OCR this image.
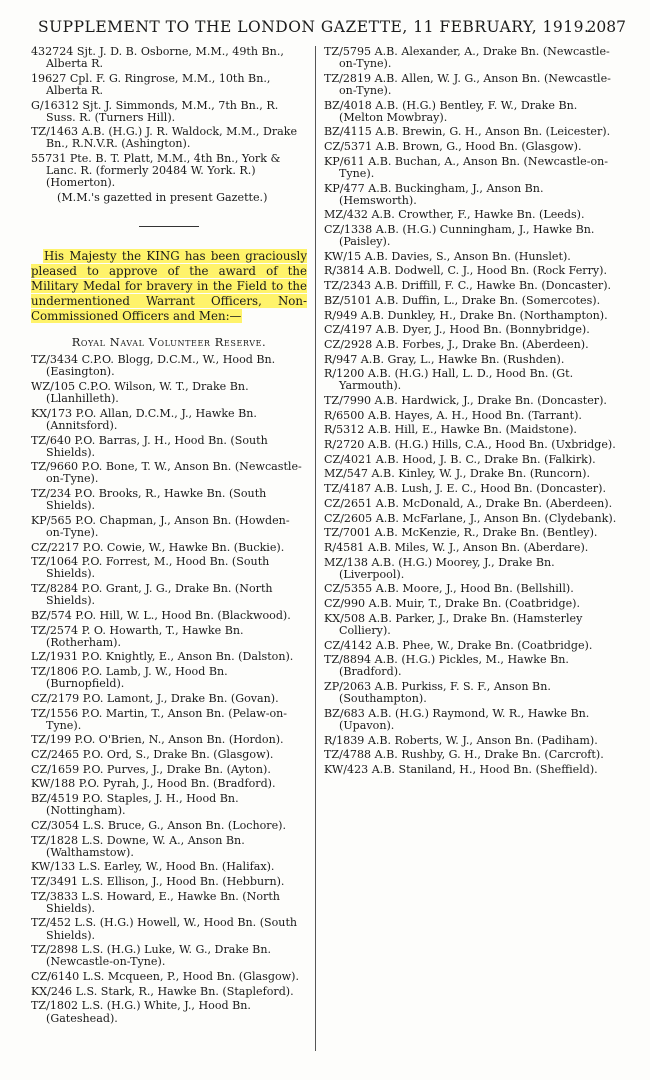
SUPPLEMENT TO THE LONDON GAZETTE, 11 FEBRUARY, 1919.
2087
432724 Sjt. J. D. B. Osborne, M.M., 49th Bn., Alberta R.
19627 Cpl. F. G. Ringrose, M.M., 10th Bn., Alberta R.
G/16312 Sjt. J. Simmonds, M.M., 7th Bn., R. Suss. R. (Turners Hill).
TZ/1463 A.B. (H.G.) J. R. Waldock, M.M., Drake Bn., R.N.V.R. (Ashington).
55731 Pte. B. T. Platt, M.M., 4th Bn., York & Lanc. R. (formerly 20484 W. York. R.) (Homerton).
(M.M.'s gazetted in present Gazette.)
His Majesty the KING has been graciously pleased to approve of the award of the Military Medal for bravery in the Field to the undermentioned Warrant Officers, Non-Commissioned Officers and Men:—
Royal Naval Volunteer Reserve.
TZ/3434 C.P.O. Blogg, D.C.M., W., Hood Bn. (Easington).
WZ/105 C.P.O. Wilson, W. T., Drake Bn. (Llanhilleth).
KX/173 P.O. Allan, D.C.M., J., Hawke Bn. (Annitsford).
TZ/640 P.O. Barras, J. H., Hood Bn. (South Shields).
TZ/9660 P.O. Bone, T. W., Anson Bn. (Newcastle-on-Tyne).
TZ/234 P.O. Brooks, R., Hawke Bn. (South Shields).
KP/565 P.O. Chapman, J., Anson Bn. (Howden-on-Tyne).
CZ/2217 P.O. Cowie, W., Hawke Bn. (Buckie).
TZ/1064 P.O. Forrest, M., Hood Bn. (South Shields).
TZ/8284 P.O. Grant, J. G., Drake Bn. (North Shields).
BZ/574 P.O. Hill, W. L., Hood Bn. (Blackwood).
TZ/2574 P. O. Howarth, T., Hawke Bn. (Rotherham).
LZ/1931 P.O. Knightly, E., Anson Bn. (Dalston).
TZ/1806 P.O. Lamb, J. W., Hood Bn. (Burnopfield).
CZ/2179 P.O. Lamont, J., Drake Bn. (Govan).
TZ/1556 P.O. Martin, T., Anson Bn. (Pelaw-on-Tyne).
TZ/199 P.O. O'Brien, N., Anson Bn. (Hordon).
CZ/2465 P.O. Ord, S., Drake Bn. (Glasgow).
CZ/1659 P.O. Purves, J., Drake Bn. (Ayton).
KW/188 P.O. Pyrah, J., Hood Bn. (Bradford).
BZ/4519 P.O. Staples, J. H., Hood Bn. (Nottingham).
CZ/3054 L.S. Bruce, G., Anson Bn. (Lochore).
TZ/1828 L.S. Downe, W. A., Anson Bn. (Walthamstow).
KW/133 L.S. Earley, W., Hood Bn. (Halifax).
TZ/3491 L.S. Ellison, J., Hood Bn. (Hebburn).
TZ/3833 L.S. Howard, E., Hawke Bn. (North Shields).
TZ/452 L.S. (H.G.) Howell, W., Hood Bn. (South Shields).
TZ/2898 L.S. (H.G.) Luke, W. G., Drake Bn. (Newcastle-on-Tyne).
CZ/6140 L.S. Mcqueen, P., Hood Bn. (Glasgow).
KX/246 L.S. Stark, R., Hawke Bn. (Stapleford).
TZ/1802 L.S. (H.G.) White, J., Hood Bn. (Gateshead).
TZ/5795 A.B. Alexander, A., Drake Bn. (Newcastle-on-Tyne).
TZ/2819 A.B. Allen, W. J. G., Anson Bn. (Newcastle-on-Tyne).
BZ/4018 A.B. (H.G.) Bentley, F. W., Drake Bn. (Melton Mowbray).
BZ/4115 A.B. Brewin, G. H., Anson Bn. (Leicester).
CZ/5371 A.B. Brown, G., Hood Bn. (Glasgow).
KP/611 A.B. Buchan, A., Anson Bn. (Newcastle-on-Tyne).
KP/477 A.B. Buckingham, J., Anson Bn. (Hemsworth).
MZ/432 A.B. Crowther, F., Hawke Bn. (Leeds).
CZ/1338 A.B. (H.G.) Cunningham, J., Hawke Bn. (Paisley).
KW/15 A.B. Davies, S., Anson Bn. (Hunslet).
R/3814 A.B. Dodwell, C. J., Hood Bn. (Rock Ferry).
TZ/2343 A.B. Driffill, F. C., Hawke Bn. (Doncaster).
BZ/5101 A.B. Duffin, L., Drake Bn. (Somercotes).
R/949 A.B. Dunkley, H., Drake Bn. (Northampton).
CZ/4197 A.B. Dyer, J., Hood Bn. (Bonnybridge).
CZ/2928 A.B. Forbes, J., Drake Bn. (Aberdeen).
R/947 A.B. Gray, L., Hawke Bn. (Rushden).
R/1200 A.B. (H.G.) Hall, L. D., Hood Bn. (Gt. Yarmouth).
TZ/7990 A.B. Hardwick, J., Drake Bn. (Doncaster).
R/6500 A.B. Hayes, A. H., Hood Bn. (Tarrant).
R/5312 A.B. Hill, E., Hawke Bn. (Maidstone).
R/2720 A.B. (H.G.) Hills, C.A., Hood Bn. (Uxbridge).
CZ/4021 A.B. Hood, J. B. C., Drake Bn. (Falkirk).
MZ/547 A.B. Kinley, W. J., Drake Bn. (Runcorn).
TZ/4187 A.B. Lush, J. E. C., Hood Bn. (Doncaster).
CZ/2651 A.B. McDonald, A., Drake Bn. (Aberdeen).
CZ/2605 A.B. McFarlane, J., Anson Bn. (Clydebank).
TZ/7001 A.B. McKenzie, R., Drake Bn. (Bentley).
R/4581 A.B. Miles, W. J., Anson Bn. (Aberdare).
MZ/138 A.B. (H.G.) Moorey, J., Drake Bn. (Liverpool).
CZ/5355 A.B. Moore, J., Hood Bn. (Bellshill).
CZ/990 A.B. Muir, T., Drake Bn. (Coatbridge).
KX/508 A.B. Parker, J., Drake Bn. (Hamsterley Colliery).
CZ/4142 A.B. Phee, W., Drake Bn. (Coatbridge).
TZ/8894 A.B. (H.G.) Pickles, M., Hawke Bn. (Bradford).
ZP/2063 A.B. Purkiss, F. S. F., Anson Bn. (Southampton).
BZ/683 A.B. (H.G.) Raymond, W. R., Hawke Bn. (Upavon).
R/1839 A.B. Roberts, W. J., Anson Bn. (Padiham).
TZ/4788 A.B. Rushby, G. H., Drake Bn. (Carcroft).
KW/423 A.B. Staniland, H., Hood Bn. (Sheffield).
